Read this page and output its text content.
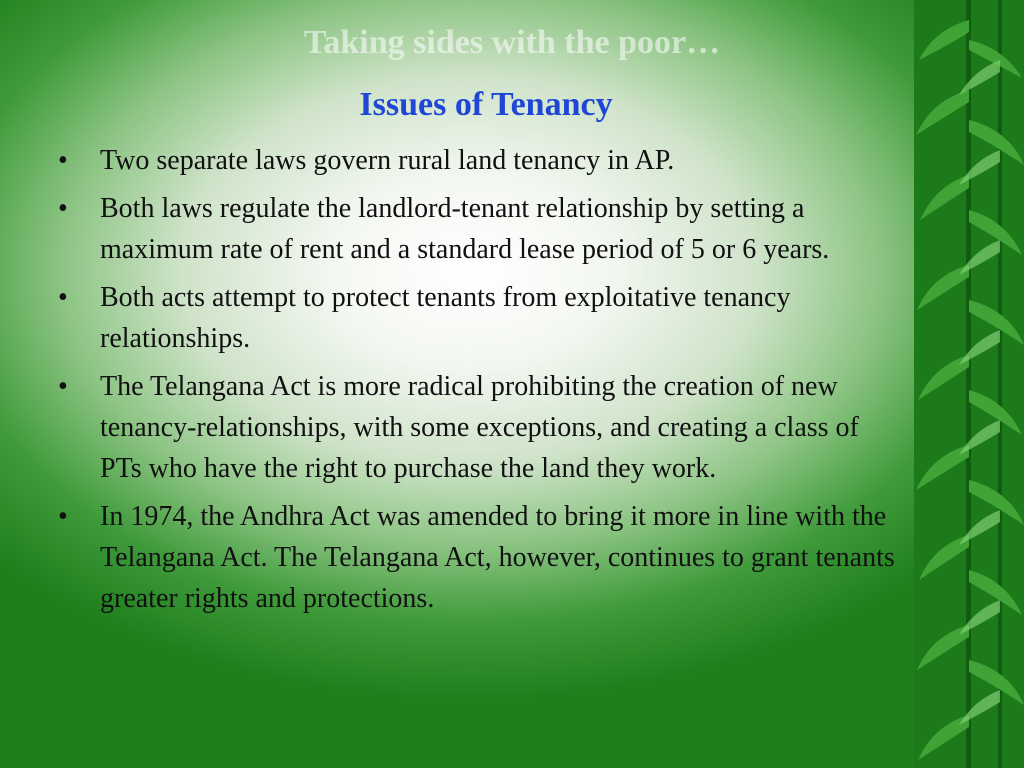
Taking sides with the poor…
Issues of Tenancy
• Two separate laws govern rural land tenancy in AP.
• Both laws regulate the landlord-tenant relationship by setting a maximum rate of rent and a standard lease period of 5 or 6 years.
• Both acts attempt to protect tenants from exploitative tenancy relationships.
• The Telangana Act is more radical prohibiting the creation of new tenancy-relationships, with some exceptions, and creating a class of PTs who have the right to purchase the land they work.
• In 1974, the Andhra Act was amended to bring it more in line with the Telangana Act. The Telangana Act, however, continues to grant tenants greater rights and protections.
